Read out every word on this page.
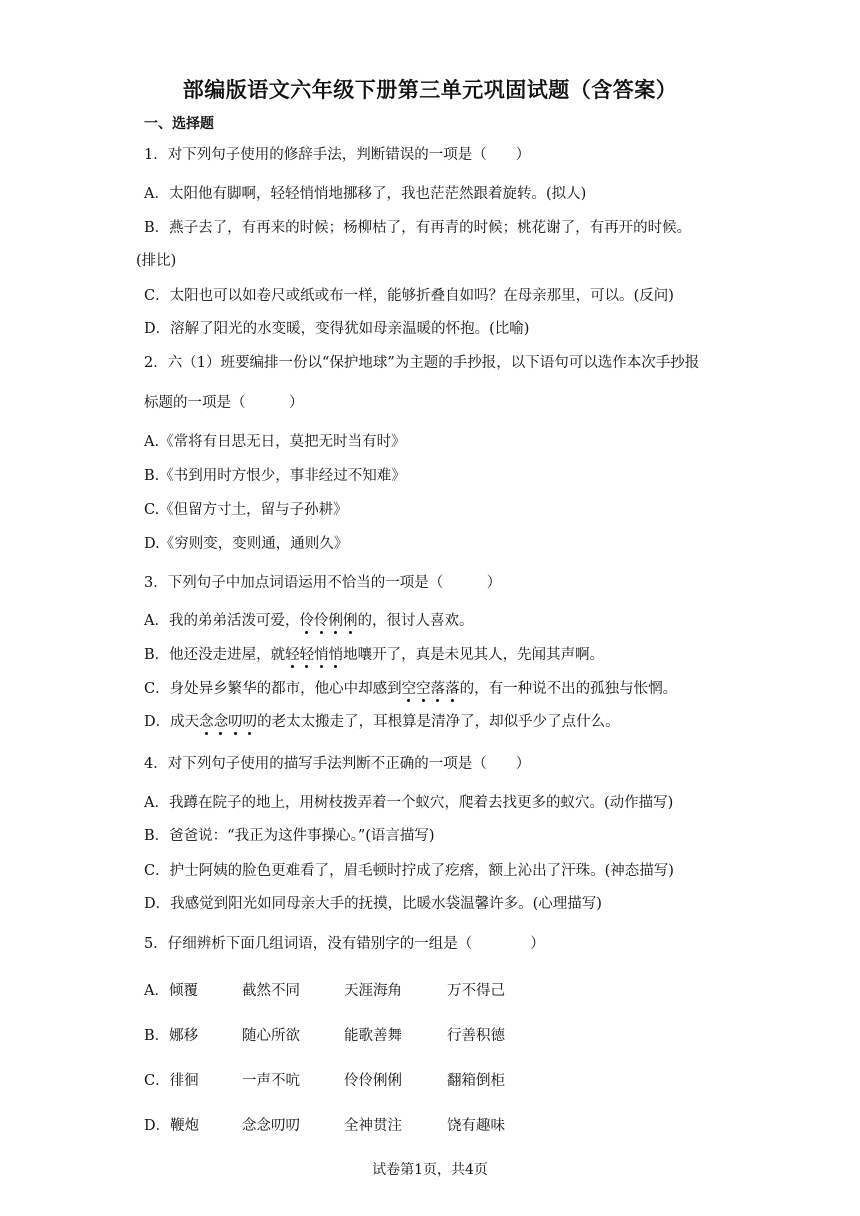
部编版语文六年级下册第三单元巩固试题（含答案）
一、选择题
1．对下列句子使用的修辞手法，判断错误的一项是（　　）
A．太阳他有脚啊，轻轻悄悄地挪移了，我也茫茫然跟着旋转。(拟人)
B．燕子去了，有再来的时候；杨柳枯了，有再青的时候；桃花谢了，有再开的时候。
(排比)
C．太阳也可以如卷尺或纸或布一样，能够折叠自如吗？在母亲那里，可以。(反问)
D．溶解了阳光的水变暖，变得犹如母亲温暖的怀抱。(比喻)
2．六（1）班要编排一份以“保护地球”为主题的手抄报，以下语句可以选作本次手抄报
标题的一项是（　　　）
A.《常将有日思无日，莫把无时当有时》
B.《书到用时方恨少，事非经过不知难》
C.《但留方寸土，留与子孙耕》
D.《穷则变，变则通，通则久》
3．下列句子中加点词语运用不恰当的一项是（　　　）
A．我的弟弟活泼可爱，伶伶俐俐的，很讨人喜欢。
B．他还没走进屋，就轻轻悄悄地嚷开了，真是未见其人，先闻其声啊。
C．身处异乡繁华的都市，他心中却感到空空落落的，有一种说不出的孤独与怅惘。
D．成天念念叨叨的老太太搬走了，耳根算是清净了，却似乎少了点什么。
4．对下列句子使用的描写手法判断不正确的一项是（　　）
A．我蹲在院子的地上，用树枝拨弄着一个蚁穴，爬着去找更多的蚁穴。(动作描写)
B．爸爸说：“我正为这件事操心。”(语言描写)
C．护士阿姨的脸色更难看了，眉毛顿时拧成了疙瘩，额上沁出了汗珠。(神态描写)
D．我感觉到阳光如同母亲大手的抚摸，比暖水袋温馨许多。(心理描写)
5．仔细辨析下面几组词语，没有错别字的一组是（　　　　）
A．倾覆	截然不同	天涯海角	万不得己
B．娜移	随心所欲	能歌善舞	行善积德
C．徘徊	一声不吭	伶伶俐俐	翻箱倒柜
D．鞭炮	念念叨叨	全神贯注	饶有趣味
试卷第1页，共4页
